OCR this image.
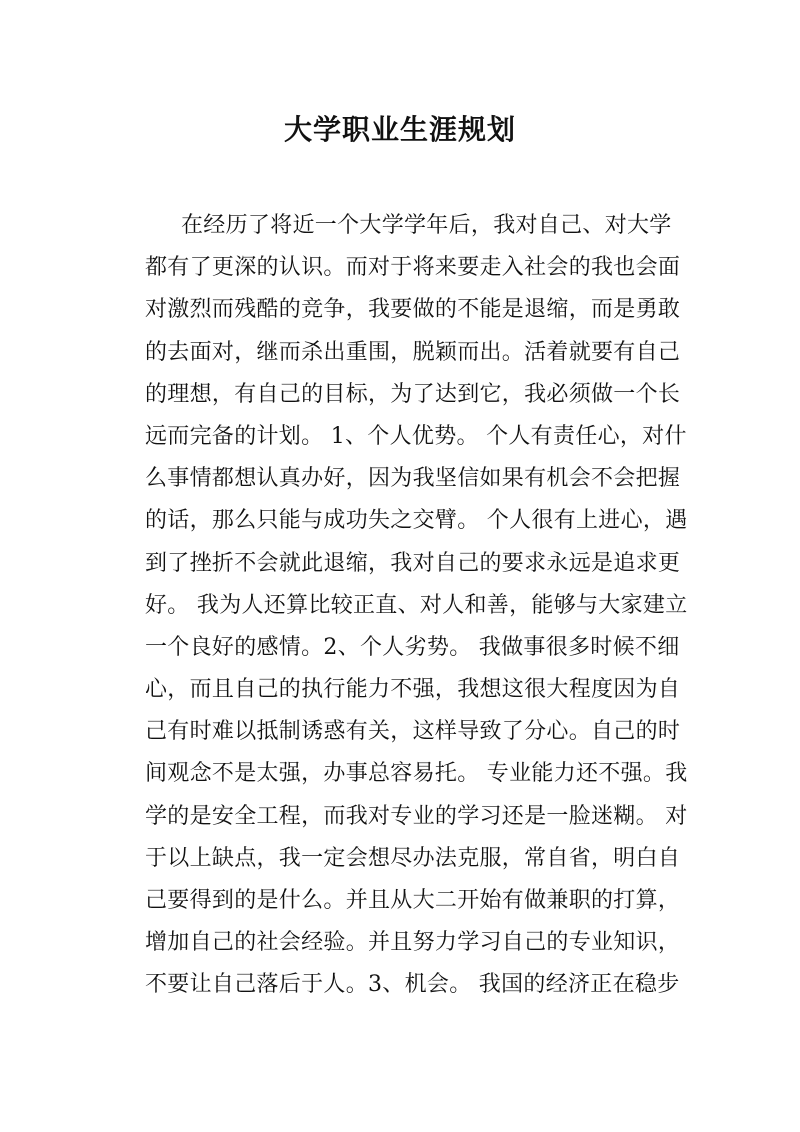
大学职业生涯规划
在经历了将近一个大学学年后，我对自己、对大学
都有了更深的认识。而对于将来要走入社会的我也会面
对激烈而残酷的竞争，我要做的不能是退缩，而是勇敢
的去面对，继而杀出重围，脱颖而出。活着就要有自己
的理想，有自己的目标，为了达到它，我必须做一个长
远而完备的计划。 1、个人优势。 个人有责任心，对什
么事情都想认真办好，因为我坚信如果有机会不会把握
的话，那么只能与成功失之交臂。 个人很有上进心，遇
到了挫折不会就此退缩，我对自己的要求永远是追求更
好。 我为人还算比较正直、对人和善，能够与大家建立
一个良好的感情。2、个人劣势。 我做事很多时候不细
心，而且自己的执行能力不强，我想这很大程度因为自
己有时难以抵制诱惑有关，这样导致了分心。自己的时
间观念不是太强，办事总容易托。 专业能力还不强。我
学的是安全工程，而我对专业的学习还是一脸迷糊。 对
于以上缺点，我一定会想尽办法克服，常自省，明白自
己要得到的是什么。并且从大二开始有做兼职的打算，
增加自己的社会经验。并且努力学习自己的专业知识，
不要让自己落后于人。3、机会。 我国的经济正在稳步
